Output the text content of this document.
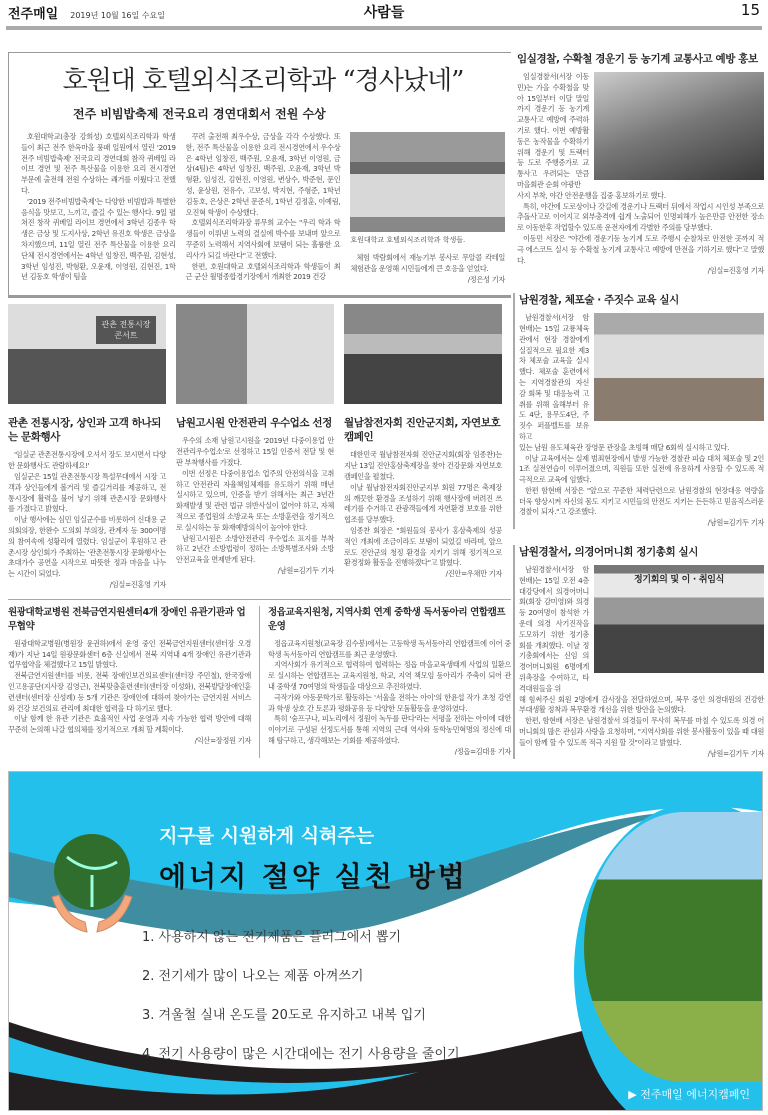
사람들
전주매일 2019년 10월 16일 수요일	15
호원대 호텔외식조리학과 “경사났네”
전주 비빔밥축제 전국요리 경연대회서 전원 수상

호원대학교(총장 강희성) 호텔외식조리학과 학생들이 최근 전주 한옥마을 풍패 일원에서 열린 '2019 전주 비빔밥축제' 전국요리 경연대회 참작 퀴베일 라이브 경연 및 전주 특산물을 이용한 요리 전시경연 부문에 출전해 전원 수상하는 쾌거를 이뤘다고 전했다.

'2019 전주비빔밥축제'는 다양한 비빔밥과 특별한 음식을 맛보고, 느끼고, 즐길 수 있는 행사다. 9일 펼쳐진 창작 퀴베일 라이브 경연에서 3학년 김종우 학생은 금상 및 도지사상, 2학년 유진호 학생은 금상을 차지했으며, 11일 열린 전주 특산물을 이용한 요리 단체 전시경연에서는 4학년 임창진, 백주원, 김현성, 3학년 임성진, 박형환, 오윤재, 이영원, 김현진, 1학년 김동호 학생이 팀을

꾸려 출전해 최우수상, 금상을 각각 수상했다. 또한, 전주 특산물을 이용한 요리 전시경연에서 우수상은 4학년 임창진, 백주원, 오윤재, 3학년 이영원, 금상(4팀)은 4학년 임창진, 백주원, 오윤재, 3학년 박형환, 임성진, 김현진, 이영원, 변상수, 박준현, 문인성, 윤상원, 전유수, 고보성, 박지현, 주형준, 1학년 김동호, 은상은 2학년 문준식, 1학년 김정훈, 이예림, 오진혁 학생이 수상했다.

호텔외식조리학과장 류무희 교수는 "우리 학과 학생들이 이뤄낸 노력의 결실에 박수를 보내며 앞으로 꾸준히 노력해서 지역사회에 보탬이 되는 훌륭한 요리사가 되길 바란다"고 전했다.

한편, 호원대학교 호텔외식조리학과 학생들이 최근 군산 월명종합경기장에서 개최한 2019 건강

호원대학교 호텔외식조리학과 학생들.

체험 박람회에서 재능기부 봉사로 무알콜 칵테일 체험관을 운영해 시민들에게 큰 호응을 얻었다.

/정은성 기자
관촌 전통시장 콘서트
관촌 전통시장, 상인과 고객 하나되는 문화행사

'임실군 관촌전통시장에 오셔서 장도 보시면서 다양한 문화행사도 관람하세요!'

임실군은 15일 관촌전통시장 특설무대에서 시장 고객과 상인들에게 볼거리 및 즐길거리를 제공하고, 전통시장에 활력을 불어 넣기 위해 관촌시장 문화행사를 가졌다고 밝혔다.

이날 행사에는 심민 임실군수를 비롯하여 신대용 군의회의장, 한완수 도의회 부의장, 관계자 등 300여명의 참여속에 성황리에 열렸다. 임실군이 후원하고 관촌시장 상인회가 주최하는 '관촌전통시장 문화행사'는 초대가수 공연을 시작으로 따뜻한 정과 마음을 나누는 시간이 되었다.

/임실=진홍영 기자
남원고시원 안전관리 우수업소 선정

우수의 소재 남원고시원을 '2019년 다중이용업 안전관리우수업소'로 선정하고 15일 인증서 전달 및 현판 부착행사를 가졌다.

이번 선정은 다중이용업소 업주의 안전의식을 고취하고 안전관리 자율책임체제를 유도하기 위해 매년 실시하고 있으며, 인증을 받기 위해서는 최근 3년간 화재발생 및 관련 법규 위반사실이 없어야 하고, 자체적으로 종업원의 소방교육 또는 소방훈련을 정기적으로 실시하는 등 화재예방의식이 높아야 한다.

남원고시원은 소방안전관리 우수업소 표지를 부착하고 2년간 소방법령이 정하는 소방특별조사와 소방안전교육을 면제받게 된다.

/남원=김기두 기자
월남참전자회 진안군지회, 자연보호 캠페인

대한민국 월남참전자회 진안군지회(회장 임종찬)는 지난 13일 진안홍삼축제장을 찾아 건강문화 자연보호 캠페인을 펼쳤다.

이날 월남참전자회진안군지부 회원 77명은 축제장의 깨끗한 환경을 조성하기 위해 행사장에 버려진 쓰레기를 수거하고 관광객들에게 자연환경 보호를 위한 협조를 당부했다.

임종찬 회장은 "회원들의 봉사가 홍삼축제의 성공적인 개최에 조금이라도 보탬이 되었길 바라며, 앞으로도 진안군의 청정 환경을 지키기 위해 정기적으로 환경정화 활동을 진행하겠다"고 밝혔다.

/진안=우채만 기자
원광대학교병원 전북금연지원센터4개 장애인 유관기관과 업무협약

원광대학교병원(병원장 윤권하)에서 운영 중인 전북금연지원센터(센터장 오경재)가 지난 14일 원광문화센터 6층 신실에서 전북 지역내 4개 장애인 유관기관과 업무협약을 체결했다고 15일 밝혔다.

전북금연지원센터를 비롯, 전북 장애인보건의료센터(센터장 주민철), 한국장애인고용공단(지사장 김영근), 전북맞춤훈련센터(센터장 이성화), 전북발달장애인훈련센터(센터장 신성례) 등 5개 기관은 장애인에 대하여 찾아가는 금연지원 서비스와 건강 보건의료 관리에 최대한 협력을 다 하기로 했다.

이날 함께 한 유관 기관은 효율적인 사업 운영과 지속 가능한 협력 방안에 대해 꾸준히 논의해 나갈 협의체를 정기적으로 개최 할 계획이다.

/익산=장정원 기자
정읍교육지원청, 지역사회 연계 중학생 독서동아리 연합캠프 운영

정읍교육지원청(교육장 김수봉)에서는 고등학생 독서동아리 연합캠프에 이어 중학생 독서동아리 연합캠프를 최근 운영했다.

지역사회가 유기적으로 협력하여 협력하는 정읍 마을교육생태계 사업의 일환으로 실시하는 연합캠프는 교육지원청, 학교, 지역 책모임 동아리가 주축이 되어 관내 중학생 70여명의 학생들을 대상으로 추진하였다.

극작가와 아동문학가로 활동하는 '서울을 전하는 아이'의 한윤섭 작가 초청 강연과 학생 상호 간 토론과 평화공유 등 다양한 모둠활동을 운영하였다.

특히 '숨프구나, 피노리에서 정원이 녹두를 판다'라는 서평을 전하는 아이에 대한 이야기로 구성된 선정도서를 통해 지역의 근대 역사와 동학농민혁명의 정신에 대해 탐구하고, 생각해보는 기회를 제공하였다.

/정읍=김대용 기자
임실경찰, 수확철 경운기 등 농기계 교통사고 예방 홍보

임실경찰서(서장 이동민)는 가을 수확철을 맞아 15일부터 이달 말일까지 경운기 등 농기계 교통사고 예방에 주력하기로 했다. 이번 예방활동은 농작물을 수확하기 위해 경운기 및 트랙터 등 도로 주행증가로 교통사고 우려되는 만큼 마을회관 순회 야광반

사지 부착, 야간 안전운행을 집중 홍보하기로 했다.

특히, 야간에 도로상이나 갓길에 경운기나 트랙터 뒤에서 작업시 시인성 부족으로 추돌사고로 이어지고 외부충격에 쉽게 노출되어 인명피해가 높은만큼 안전한 장소로 이동한후 작업할수 있도록 운전자에게 각별한 주의를 당부했다.

이동민 서장은 "야간에 경운기등 농기계 도로 주행시 순찰차로 안전한 곳까지 적극 에스코트 실시 등 수확철 농기계 교통사고 예방에 만전을 기하기로 했다"고 말했다.

/임실=진홍영 기자
남원경찰, 체포술 · 주짓수 교육 실시

남원경찰서(서장 함현배)는 15일 교룡체육관에서 현장 경찰에게 실질적으로 필요한 제3차 체포술 교육을 실시했다. 체포술 훈련에서는 지역경찰관의 자신감 회복 및 대응능력 고취를 위해 올해부터 유도 4단, 용무도4단, 주짓수 퍼플벨트를 보유하고

있는 남원 유도체육관 장영문 관장을 초빙해 매달 6회씩 실시하고 있다.

이날 교육에서는 실제 범죄현장에서 발생 가능한 경찰관 피습 대처 체포술 및 2인 1조 실전연습이 이루어졌으며, 직원들 또한 실전에 유용하게 사용할 수 있도록 적극적으로 교육에 임했다.

한편 함현배 서장은 "앞으로 꾸준한 체력단련으로 남원경찰의 현장대응 역량을 더욱 향상시켜 자신의 몸도 지키고 시민들의 안전도 지키는 든든하고 믿음직스러운 경찰이 되자."고 강조했다.

/남원=김기두 기자
남원경찰서, 의경어머니회 정기총회 실시
정기회의 및 이 · 취임식

남원경찰서(서장 함현배)는 15일 오전 4층 대강당에서 의경어머니회(회장 감미영)와 의경 등 20여명이 참석한 가운데 의경 사기진작을 도모하기 위한 정기총회를 개최했다. 이날 정기총회에서는 신임 의경어머니회원 6명에게 위촉장을 수여하고, 타격대원들을 위

해 힘써주신 회원 2명에게 감사장을 전달하였으며, 복무 중인 의경대원의 건강한 부대생활 정착과 복무환경 개선을 위한 방안을 논의했다.

한편, 함현배 서장은 남원경찰서 의경들이 무사히 복무를 마칠 수 있도록 의경 어머니회의 많은 관심과 사랑을 요청하며, "지역사회를 위한 봉사활동이 있을 때 대원들이 함께 할 수 있도록 적극 지원 할 것"이라고 밝혔다.

/남원=김기두 기자
지구를 시원하게 식혀주는
에너지 절약 실천 방법
1. 사용하지 않는 전기제품은 플러그에서 뽑기
2. 전기세가 많이 나오는 제품 아껴쓰기
3. 겨울철 실내 온도를 20도로 유지하고 내복 입기
4. 전기 사용량이 많은 시간대에는 전기 사용량을 줄이기
▶ 전주매일 에너지캠페인
